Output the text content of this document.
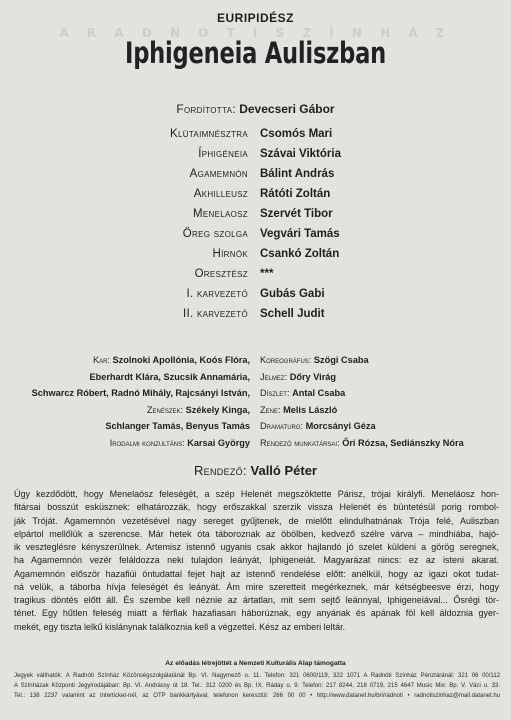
EURIPIDÉSZ
A R A D N Ó T I S Z Í N H Á Z
Iphigeneia Auliszban
Fordította: Devecseri Gábor
Klütaimnésztra Csomós Mari
Íphigéneia Szávai Viktória
Agamemnón Bálint András
Akhilleusz Rátóti Zoltán
Menelaosz Szervét Tibor
Öreg szolga Vegvári Tamás
Hírnök Csankó Zoltán
Oresztész ***
I. karvezető Gubás Gabi
II. karvezető Schell Judit
Kar: Szolnoki Apollónia, Koós Flóra,
Eberhardt Klára, Szucsik Annamária,
Schwarcz Róbert, Radnó Mihály, Rajcsányi István,
Zenészek: Székely Kinga,
Schlanger Tamás, Benyus Tamás
Irodalmi konzultáns: Karsai György
Koreográfus: Szögi Csaba
Jelmez: Dőry Virág
Díszlet: Antal Csaba
Zene: Melis László
Dramaturg: Morcsányi Géza
Rendező munkatársai: Őri Rózsa, Sediánszky Nóra
Rendező: Valló Péter
Úgy kezdődött, hogy Menelaósz feleségét, a szép Helenét megszöktette Párisz, trójai királyfi. Meneláosz hon-
fitársai bosszút esküsznek: elhatározzák, hogy erőszakkal szerzik vissza Helenét és büntetésül porig rombol-
ják Tróját. Agamemnón vezetésével nagy sereget gyűjtenek, de mielőtt elindulhatnának Trója felé, Auliszban
elpártol mellőlük a szerencse. Már hetek óta táboroznak az öbölben, kedvező szélre várva – mindhiába, hajó-
ik veszteglésre kényszerülnek. Artemisz istennő ugyanis csak akkor hajlandó jó szelet küldeni a görög seregnek,
ha Agamemnón vezér feláldozza neki tulajdon leányát, Iphigeneiát. Magyarázat nincs: ez az isteni akarat.
Agamemnón először hazafiúi öntudattal fejet hajt az istennő rendelése előtt: anélkül, hogy az igazi okot tudat-
ná velük, a táborba hívja feleségét és leányát. Ám mire szeretteit megérkeznek, már kétségbeesve érzi, hogy
tragikus döntés előtt áll. És szembe kell néznie az ártatlan, mit sem sejtő leánnyal, Iphigeneiával... Ősrégi tör-
ténet. Egy hűtlen feleség miatt a férfiak hazafiasan háborúznak, egy anyának és apának föl kell áldoznia gyer-
mekét, egy tiszta lelkű kislánynak találkoznia kell a végzettel. Kész az emberi leltár.
Az előadás létrejöttét a Nemzeti Kulturális Alap támogatta
Jegyek válthatók: A Radnóti Színház Közönségszolgálatánál Bp. VI. Nagymező u. 11. Telefon: 321 0600/119, 322 1071 A Radnóti Színház Pénztáránál: 321 06 00/112
A Színházak Központi Jegyirodájában: Bp. VI. Andrássy út 18. Tel.: 312 0200 és Bp. IX. Ráday u. 9. Telefon: 217 8244, 218 0719, 215 4647 Music Mix: Bp. V. Váci u. 33.
Tel.: 138 2237 valamint az Interticket-nél, az OTP bankkártyával, telefonon keresztül: 266 00 00 • http://www.datanet.hu/bri/radnoti • radnotiszinhaz@mail.datanet.hu
